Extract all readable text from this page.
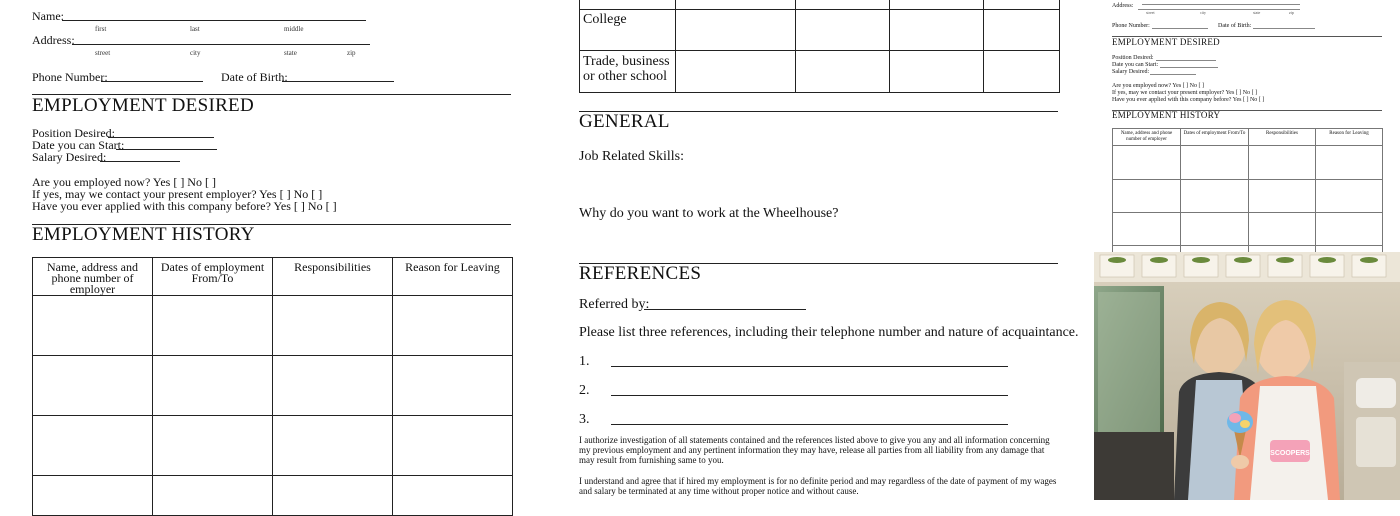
Name:
first	last	middle
Address:
street	city	state	zip
Phone Number:	Date of Birth:
EMPLOYMENT DESIRED
Position Desired:
Date you can Start:
Salary Desired:
Are you employed now? Yes [ ] No [ ]
If yes, may we contact your present employer? Yes [ ] No [ ]
Have you ever applied with this company before? Yes [ ] No [ ]
EMPLOYMENT HISTORY
Name, address and phone number of employer	Dates of employment From/To	Responsibilities	Reason for Leaving

College				
Trade, business or other school				
GENERAL
Job Related Skills:
Why do you want to work at the Wheelhouse?
REFERENCES
Referred by:
Please list three references, including their telephone number and nature of acquaintance.
1.
2.
3.
I authorize investigation of all statements contained and the references listed above to give you any and all information concerning my previous employment and any pertinent information they may have, release all parties from all liability from any damage that may result from furnishing same to you.
I understand and agree that if hired my employment is for no definite period and may regardless of the date of payment of my wages and salary be terminated at any time without proper notice and without cause.
Address:
street	city	state	zip
Phone Number:	Date of Birth:
EMPLOYMENT DESIRED
Position Desired:
Date you can Start:
Salary Desired:
Are you employed now? Yes [ ] No [ ]
If yes, may we contact your present employer? Yes [ ] No [ ]
Have you ever applied with this company before? Yes [ ] No [ ]
EMPLOYMENT HISTORY
Name, address and phone number of employer	Dates of employment From/To	Responsibilities	Reason for Leaving

SCOOPERS
